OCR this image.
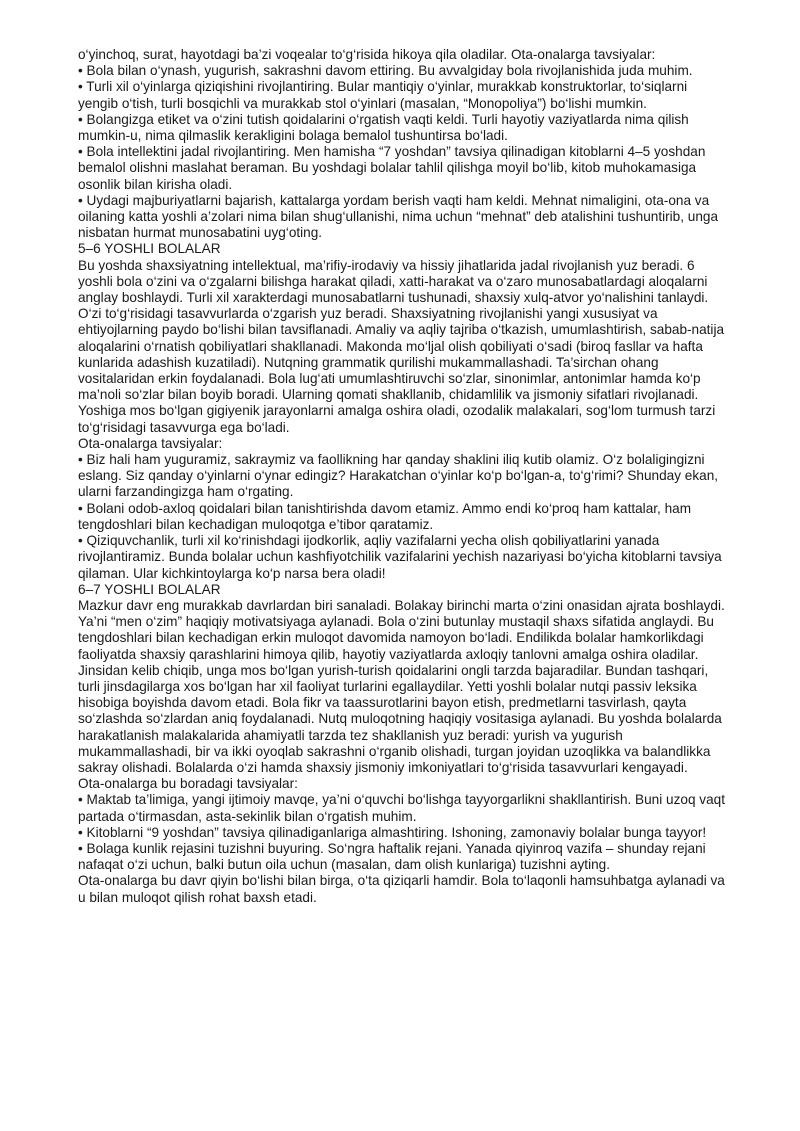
o‘yinchoq, surat, hayotdagi ba’zi voqealar to‘g‘risida hikoya qila oladilar. Ota-onalarga tavsiyalar:

• Bola bilan o‘ynash, yugurish, sakrashni davom ettiring. Bu avvalgiday bola rivojlanishida juda muhim.

• Turli xil o‘yinlarga qiziqishini rivojlantiring. Bular mantiqiy o‘yinlar, murakkab konstruktorlar, to‘siqlarni yengib o‘tish, turli bosqichli va murakkab stol o‘yinlari (masalan, “Monopoliya”) bo‘lishi mumkin.

• Bolangizga etiket va o‘zini tutish qoidalarini o‘rgatish vaqti keldi. Turli hayotiy vaziyatlarda nima qilish mumkin-u, nima qilmaslik kerakligini bolaga bemalol tushuntirsa bo‘ladi.

• Bola intellektini jadal rivojlantiring. Men hamisha “7 yoshdan” tavsiya qilinadigan kitoblarni 4–5 yoshdan bemalol olishni maslahat beraman. Bu yoshdagi bolalar tahlil qilishga moyil bo‘lib, kitob muhokamasiga osonlik bilan kirisha oladi.

• Uydagi majburiyatlarni bajarish, kattalarga yordam berish vaqti ham keldi. Mehnat nimaligini, ota-ona va oilaning katta yoshli a’zolari nima bilan shug‘ullanishi, nima uchun “mehnat” deb atalishini tushuntirib, unga nisbatan hurmat munosabatini uyg‘oting.

5–6 YOSHLI BOLALAR

Bu yoshda shaxsiyatning intellektual, ma’rifiy-irodaviy va hissiy jihatlarida jadal rivojlanish yuz beradi. 6 yoshli bola o‘zini va o‘zgalarni bilishga harakat qiladi, xatti-harakat va o‘zaro munosabatlardagi aloqalarni anglay boshlaydi. Turli xil xarakterdagi munosabatlarni tushunadi, shaxsiy xulq-atvor yo‘nalishini tanlaydi. O‘zi to‘g‘risidagi tasavvurlarda o‘zgarish yuz beradi. Shaxsiyatning rivojlanishi yangi xususiyat va ehtiyojlarning paydo bo‘lishi bilan tavsiflanadi. Amaliy va aqliy tajriba o‘tkazish, umumlashtirish, sabab-natija aloqalarini o‘rnatish qobiliyatlari shakllanadi. Makonda mo‘ljal olish qobiliyati o‘sadi (biroq fasllar va hafta kunlarida adashish kuzatiladi). Nutqning grammatik qurilishi mukammallashadi. Ta’sirchan ohang vositalaridan erkin foydalanadi. Bola lug‘ati umumlashtiruvchi so‘zlar, sinonimlar, antonimlar hamda ko‘p ma’noli so‘zlar bilan boyib boradi. Ularning qomati shakllanib, chidamlilik va jismoniy sifatlari rivojlanadi. Yoshiga mos bo‘lgan gigiyenik jarayonlarni amalga oshira oladi, ozodalik malakalari, sog‘lom turmush tarzi to‘g‘risidagi tasavvurga ega bo‘ladi.

Ota-onalarga tavsiyalar:

• Biz hali ham yuguramiz, sakraymiz va faollikning har qanday shaklini iliq kutib olamiz. O‘z bolaligingizni eslang. Siz qanday o‘yinlarni o‘ynar edingiz? Harakatchan o‘yinlar ko‘p bo‘lgan-a, to‘g‘rimi? Shunday ekan, ularni farzandingizga ham o‘rgating.

• Bolani odob-axloq qoidalari bilan tanishtirishda davom etamiz. Ammo endi ko‘proq ham kattalar, ham tengdoshlari bilan kechadigan muloqotga e’tibor qaratamiz.

• Qiziquvchanlik, turli xil ko‘rinishdagi ijodkorlik, aqliy vazifalarni yecha olish qobiliyatlarini yanada rivojlantiramiz. Bunda bolalar uchun kashfiyotchilik vazifalarini yechish nazariyasi bo‘yicha kitoblarni tavsiya qilaman. Ular kichkintoylarga ko‘p narsa bera oladi!

6–7 YOSHLI BOLALAR

Mazkur davr eng murakkab davrlardan biri sanaladi. Bolakay birinchi marta o‘zini onasidan ajrata boshlaydi. Ya’ni “men o‘zim” haqiqiy motivatsiyaga aylanadi. Bola o‘zini butunlay mustaqil shaxs sifatida anglaydi. Bu tengdoshlari bilan kechadigan erkin muloqot davomida namoyon bo‘ladi. Endilikda bolalar hamkorlikdagi faoliyatda shaxsiy qarashlarini himoya qilib, hayotiy vaziyatlarda axloqiy tanlovni amalga oshira oladilar. Jinsidan kelib chiqib, unga mos bo‘lgan yurish-turish qoidalarini ongli tarzda bajaradilar. Bundan tashqari, turli jinsdagilarga xos bo‘lgan har xil faoliyat turlarini egallaydilar. Yetti yoshli bolalar nutqi passiv leksika hisobiga boyishda davom etadi. Bola fikr va taassurotlarini bayon etish, predmetlarni tasvirlash, qayta so‘zlashda so‘zlardan aniq foydalanadi. Nutq muloqotning haqiqiy vositasiga aylanadi. Bu yoshda bolalarda harakatlanish malakalarida ahamiyatli tarzda tez shakllanish yuz beradi: yurish va yugurish mukammallashadi, bir va ikki oyoqlab sakrashni o‘rganib olishadi, turgan joyidan uzoqlikka va balandlikka sakray olishadi. Bolalarda o‘zi hamda shaxsiy jismoniy imkoniyatlari to‘g‘risida tasavvurlari kengayadi.

Ota-onalarga bu boradagi tavsiyalar:

• Maktab ta’limiga, yangi ijtimoiy mavqe, ya’ni o‘quvchi bo‘lishga tayyorgarlikni shakllantirish. Buni uzoq vaqt partada o‘tirmasdan, asta-sekinlik bilan o‘rgatish muhim.

• Kitoblarni “9 yoshdan” tavsiya qilinadiganlariga almashtiring. Ishoning, zamonaviy bolalar bunga tayyor!

• Bolaga kunlik rejasini tuzishni buyuring. So‘ngra haftalik rejani. Yanada qiyinroq vazifa – shunday rejani nafaqat o‘zi uchun, balki butun oila uchun (masalan, dam olish kunlariga) tuzishni ayting.

Ota-onalarga bu davr qiyin bo‘lishi bilan birga, o‘ta qiziqarli hamdir. Bola to‘laqonli hamsuhbatga aylanadi va u bilan muloqot qilish rohat baxsh etadi.
